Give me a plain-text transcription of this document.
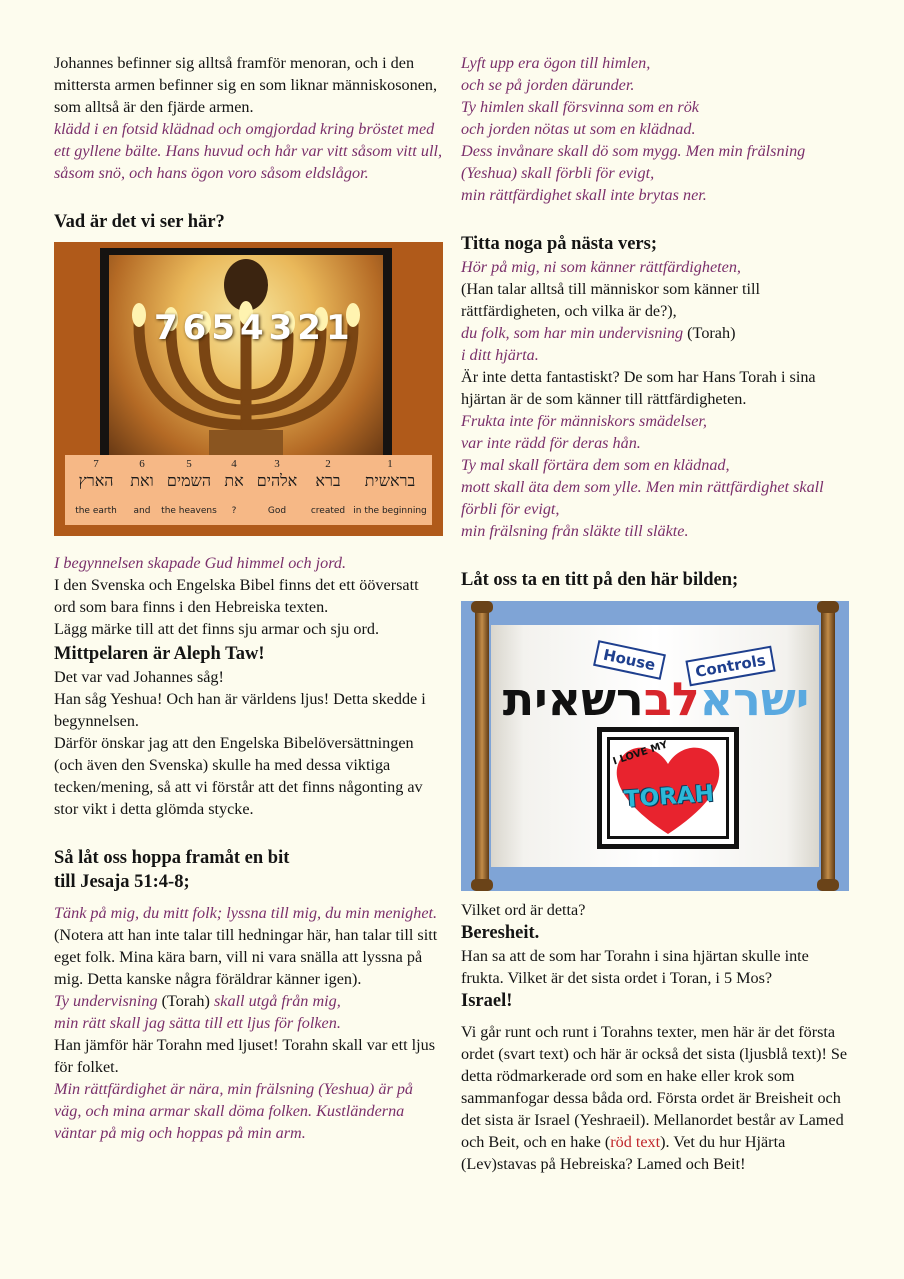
Johannes befinner sig alltså framför menoran, och i den mittersta armen befinner sig en som liknar människosonen, som alltså är den fjärde armen.

klädd i en fotsid klädnad och omgjordad kring bröstet med ett gyllene bälte. Hans huvud och hår var vitt såsom vitt ull, såsom snö, och hans ögon voro såsom eldslågor.

Vad är det vi ser här?
7654321
7
הארץ
the earth
6
ואת
and
5
השמים
the heavens
4
את
?
3
אלהים
God
2
ברא
created
1
בראשית
in the beginning

I begynnelsen skapade Gud himmel och jord.

I den Svenska och Engelska Bibel finns det ett ööversatt ord som bara finns i den Hebreiska texten.

Lägg märke till att det finns sju armar och sju ord.

Mittpelaren är Aleph Taw!

Det var vad Johannes såg!

Han såg Yeshua! Och han är världens ljus! Detta skedde i begynnelsen.

Därför önskar jag att den Engelska Bibelöversättningen (och även den Svenska) skulle ha med dessa viktiga tecken/mening, så att vi förstår att det finns någonting av stor vikt i detta glömda stycke.

Så låt oss hoppa framåt en bit
till Jesaja 51:4-8;

Tänk på mig, du mitt folk; lyssna till mig, du min menighet.

(Notera att han inte talar till hedningar här, han talar till sitt eget folk. Mina kära barn, vill ni vara snälla att lyssna på mig. Detta kanske några föräldrar känner igen).

Ty undervisning (Torah) skall utgå från mig,

min rätt skall jag sätta till ett ljus för folken.

Han jämför här Torahn med ljuset! Torahn skall var ett ljus för folket.

Min rättfärdighet är nära, min frälsning (Yeshua) är på väg, och mina armar skall döma folken. Kustländerna väntar på mig och hoppas på min arm.

Lyft upp era ögon till himlen,

och se på jorden därunder.

Ty himlen skall försvinna som en rök

och jorden nötas ut som en klädnad.

Dess invånare skall dö som mygg. Men min frälsning (Yeshua) skall förbli för evigt,

min rättfärdighet skall inte brytas ner.

Titta noga på nästa vers;

Hör på mig, ni som känner rättfärdigheten,

(Han talar alltså till människor som känner till rättfärdigheten, och vilka är de?),

du folk, som har min undervisning (Torah)

i ditt hjärta.

Är inte detta fantastiskt? De som har Hans Torah i sina hjärtan är de som känner till rättfärdigheten.

Frukta inte för människors smädelser,

var inte rädd för deras hån.

Ty mal skall förtära dem som en klädnad,

mott skall äta dem som ylle. Men min rättfärdighet skall förbli för evigt,

min frälsning från släkte till släkte.

Låt oss ta en titt på den här bilden;
House	Controls
ישראלברשאית
I LOVE MY
TORAH

Vilket ord är detta?

Beresheit.

Han sa att de som har Torahn i sina hjärtan skulle inte frukta. Vilket är det sista ordet i Toran, i 5 Mos?

Israel!

Vi går runt och runt i Torahns texter, men här är det första ordet (svart text) och här är också det sista (ljusblå text)! Se detta rödmarkerade ord som en hake eller krok som sammanfogar dessa båda ord. Första ordet är Breisheit och det sista är Israel (Yeshraeil). Mellanordet består av Lamed och Beit, och en hake (röd text). Vet du hur Hjärta (Lev)stavas på Hebreiska? Lamed och Beit!
